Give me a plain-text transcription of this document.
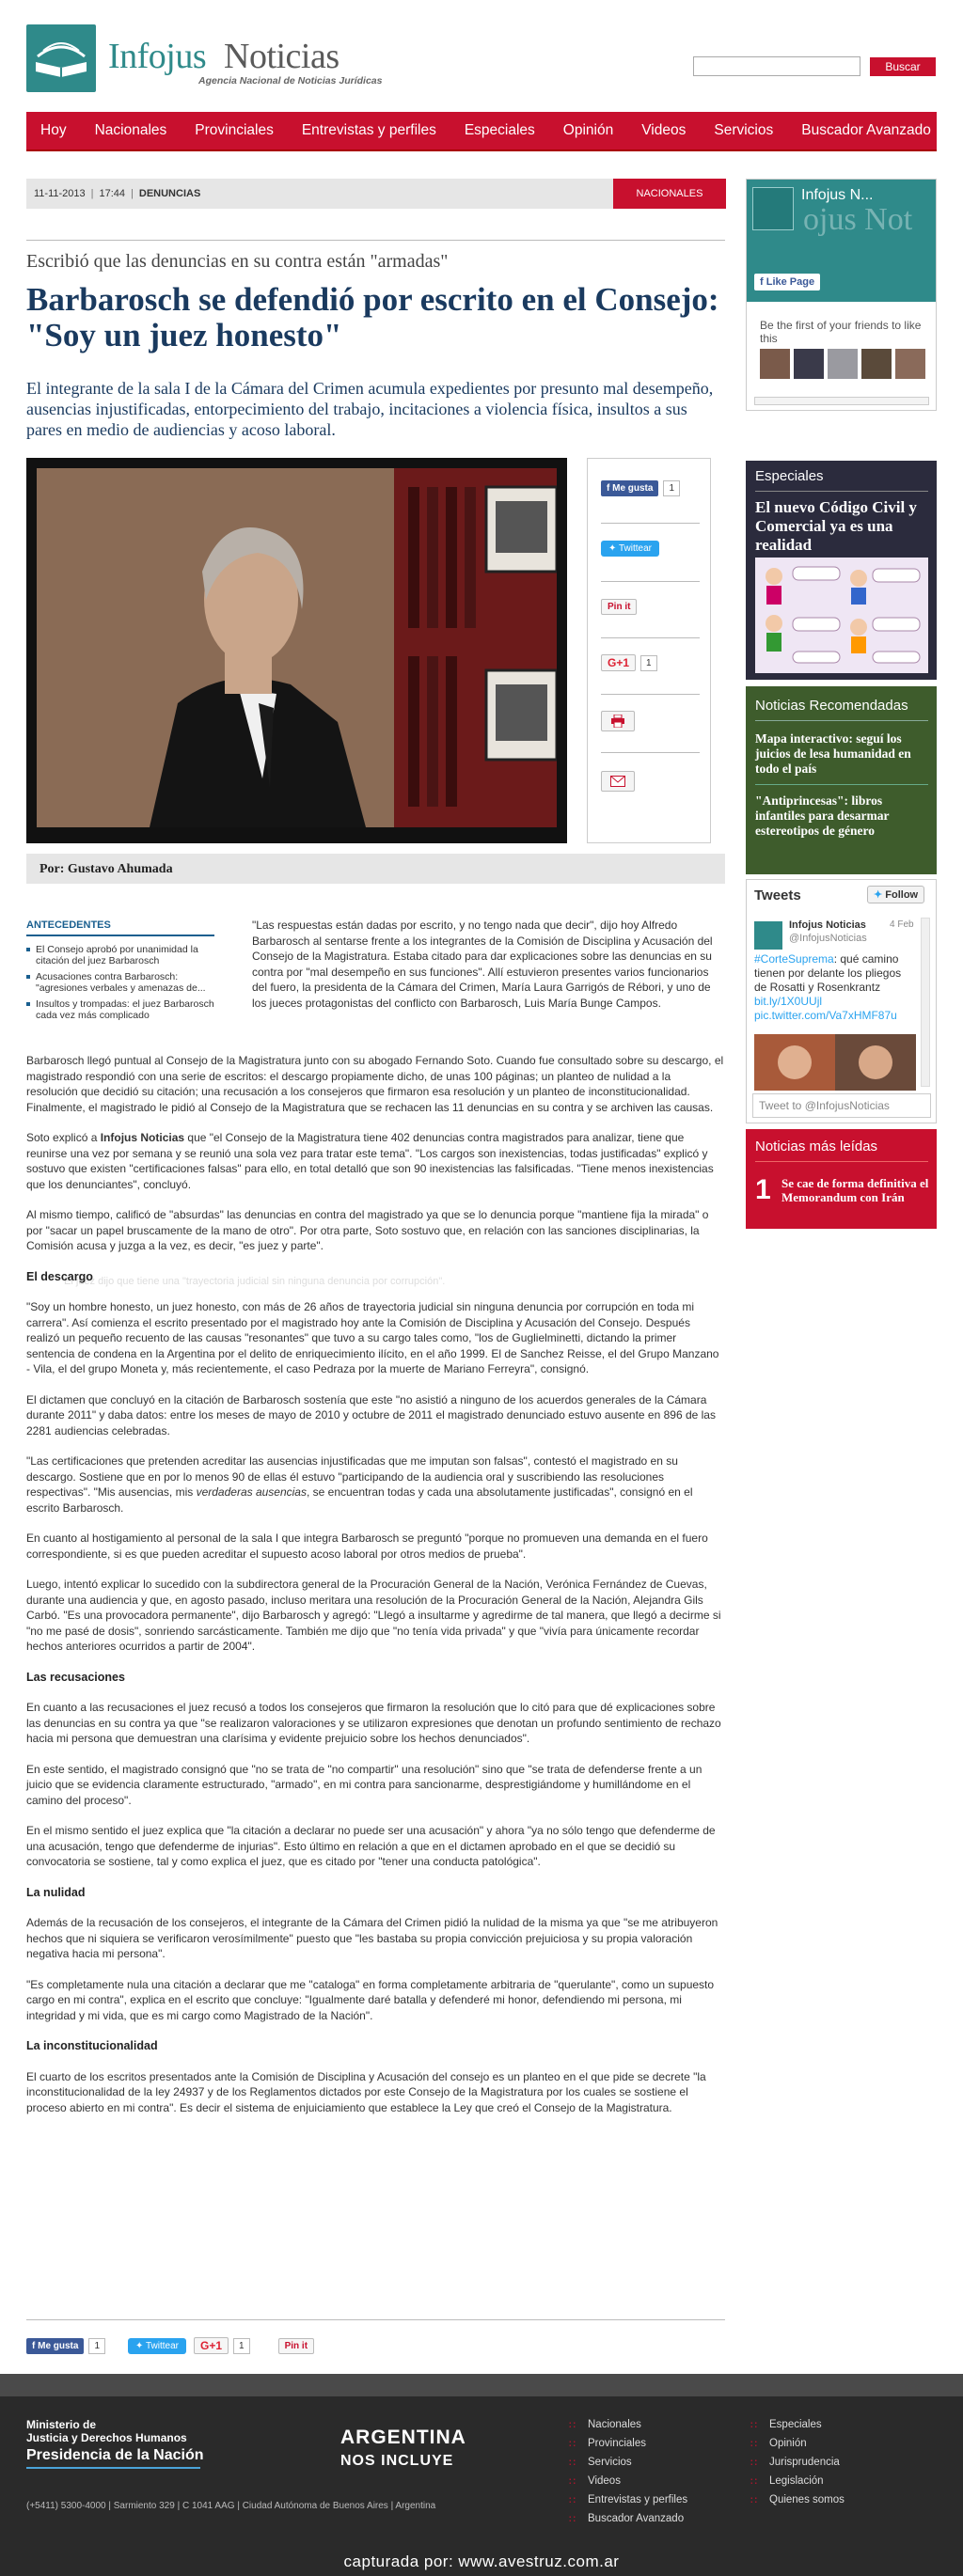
Infojus Noticias
Agencia Nacional de Noticias Jurídicas
Buscar
Hoy	Nacionales	Provinciales	Entrevistas y perfiles	Especiales	Opinión	Videos	Servicios	Buscador Avanzado
11-11-2013 | 17:44 | DENUNCIAS	NACIONALES
Escribió que las denuncias en su contra están "armadas"
Barbarosch se defendió por escrito en el Consejo: "Soy un juez honesto"
El integrante de la sala I de la Cámara del Crimen acumula expedientes por presunto mal desempeño, ausencias injustificadas, entorpecimiento del trabajo, incitaciones a violencia física, insultos a sus pares en medio de audiencias y acoso laboral.
El juez dijo que tiene una "trayectoria judicial sin ninguna denuncia por corrupción".
f Me gusta	1
✦ Twittear
Pin it
G+1	1
Por: Gustavo Ahumada
ANTECEDENTES
El Consejo aprobó por unanimidad la citación del juez Barbarosch
Acusaciones contra Barbarosch: "agresiones verbales y amenazas de...
Insultos y trompadas: el juez Barbarosch cada vez más complicado
"Las respuestas están dadas por escrito, y no tengo nada que decir", dijo hoy Alfredo Barbarosch al sentarse frente a los integrantes de la Comisión de Disciplina y Acusación del Consejo de la Magistratura. Estaba citado para dar explicaciones sobre las denuncias en su contra por "mal desempeño en sus funciones". Allí estuvieron presentes varios funcionarios del fuero, la presidenta de la Cámara del Crimen, María Laura Garrigós de Rébori, y uno de los jueces protagonistas del conflicto con Barbarosch, Luis María Bunge Campos.

Barbarosch llegó puntual al Consejo de la Magistratura junto con su abogado Fernando Soto. Cuando fue consultado sobre su descargo, el magistrado respondió con una serie de escritos: el descargo propiamente dicho, de unas 100 páginas; un planteo de nulidad a la resolución que decidió su citación; una recusación a los consejeros que firmaron esa resolución y un planteo de inconstitucionalidad. Finalmente, el magistrado le pidió al Consejo de la Magistratura que se rechacen las 11 denuncias en su contra y se archiven las causas.

Soto explicó a Infojus Noticias que "el Consejo de la Magistratura tiene 402 denuncias contra magistrados para analizar, tiene que reunirse una vez por semana y se reunió una sola vez para tratar este tema". "Los cargos son inexistencias, todas justificadas" explicó y sostuvo que existen "certificaciones falsas" para ello, en total detalló que son 90 inexistencias las falsificadas. "Tiene menos inexistencias que los denunciantes", concluyó.

Al mismo tiempo, calificó de "absurdas" las denuncias en contra del magistrado ya que se lo denuncia porque "mantiene fija la mirada" o por "sacar un papel bruscamente de la mano de otro". Por otra parte, Soto sostuvo que, en relación con las sanciones disciplinarias, la Comisión acusa y juzga a la vez, es decir, "es juez y parte".

El descargo

"Soy un hombre honesto, un juez honesto, con más de 26 años de trayectoria judicial sin ninguna denuncia por corrupción en toda mi carrera". Así comienza el escrito presentado por el magistrado hoy ante la Comisión de Disciplina y Acusación del Consejo. Después realizó un pequeño recuento de las causas "resonantes" que tuvo a su cargo tales como, "los de Guglielminetti, dictando la primer sentencia de condena en la Argentina por el delito de enriquecimiento ilícito, en el año 1999. El de Sanchez Reisse, el del Grupo Manzano - Vila, el del grupo Moneta y, más recientemente, el caso Pedraza por la muerte de Mariano Ferreyra", consignó.

El dictamen que concluyó en la citación de Barbarosch sostenía que este "no asistió a ninguno de los acuerdos generales de la Cámara durante 2011" y daba datos: entre los meses de mayo de 2010 y octubre de 2011 el magistrado denunciado estuvo ausente en 896 de las 2281 audiencias celebradas.

"Las certificaciones que pretenden acreditar las ausencias injustificadas que me imputan son falsas", contestó el magistrado en su descargo. Sostiene que en por lo menos 90 de ellas él estuvo "participando de la audiencia oral y suscribiendo las resoluciones respectivas". "Mis ausencias, mis verdaderas ausencias, se encuentran todas y cada una absolutamente justificadas", consignó en el escrito Barbarosch.

En cuanto al hostigamiento al personal de la sala I que integra Barbarosch se preguntó "porque no promueven una demanda en el fuero correspondiente, si es que pueden acreditar el supuesto acoso laboral por otros medios de prueba".

Luego, intentó explicar lo sucedido con la subdirectora general de la Procuración General de la Nación, Verónica Fernández de Cuevas, durante una audiencia y que, en agosto pasado, incluso meritara una resolución de la Procuración General de la Nación, Alejandra Gils Carbó. "Es una provocadora permanente", dijo Barbarosch y agregó: "Llegó a insultarme y agredirme de tal manera, que llegó a decirme si "no me pasé de dosis", sonriendo sarcásticamente. También me dijo que "no tenía vida privada" y que "vivía para únicamente recordar hechos anteriores ocurridos a partir de 2004".

Las recusaciones

En cuanto a las recusaciones el juez recusó a todos los consejeros que firmaron la resolución que lo citó para que dé explicaciones sobre las denuncias en su contra ya que "se realizaron valoraciones y se utilizaron expresiones que denotan un profundo sentimiento de rechazo hacia mi persona que demuestran una clarísima y evidente prejuicio sobre los hechos denunciados".

En este sentido, el magistrado consignó que "no se trata de "no compartir" una resolución" sino que "se trata de defenderse frente a un juicio que se evidencia claramente estructurado, "armado", en mi contra para sancionarme, desprestigiándome y humillándome en el camino del proceso".

En el mismo sentido el juez explica que "la citación a declarar no puede ser una acusación" y ahora "ya no sólo tengo que defenderme de una acusación, tengo que defenderme de injurias". Esto último en relación a que en el dictamen aprobado en el que se decidió su convocatoria se sostiene, tal y como explica el juez, que es citado por "tener una conducta patológica".

La nulidad

Además de la recusación de los consejeros, el integrante de la Cámara del Crimen pidió la nulidad de la misma ya que "se me atribuyeron hechos que ni siquiera se verificaron verosímilmente" puesto que "les bastaba su propia convicción prejuiciosa y su propia valoración negativa hacia mi persona".

"Es completamente nula una citación a declarar que me "cataloga" en forma completamente arbitraria de "querulante", como un supuesto cargo en mi contra", explica en el escrito que concluye: "Igualmente daré batalla y defenderé mi honor, defendiendo mi persona, mi integridad y mi vida, que es mi cargo como Magistrado de la Nación".

La inconstitucionalidad

El cuarto de los escritos presentados ante la Comisión de Disciplina y Acusación del consejo es un planteo en el que pide se decrete "la inconstitucionalidad de la ley 24937 y de los Reglamentos dictados por este Consejo de la Magistratura por los cuales se sostiene el proceso abierto en mi contra". Es decir el sistema de enjuiciamiento que establece la Ley que creó el Consejo de la Magistratura.

f Me gusta	1	✦ Twittear	G+1	1	Pin it
ojus Not
Infojus N...
f Like Page
Be the first of your friends to like this
Especiales
El nuevo Código Civil y Comercial ya es una realidad
Noticias Recomendadas
Mapa interactivo: seguí los juicios de lesa humanidad en todo el país
"Antiprincesas": libros infantiles para desarmar estereotipos de género
Tweets	✦ Follow
Infojus Noticias
@InfojusNoticias
4 Feb
#CorteSuprema: qué camino tienen por delante los pliegos de Rosatti y Rosenkrantz bit.ly/1X0UUjl pic.twitter.com/Va7xHMF87u
Tweet to @InfojusNoticias
Noticias más leídas
1 Se cae de forma definitiva el Memorandum con Irán
Ministerio de
Justicia y Derechos Humanos
Presidencia de la Nación
ARGENTINA
NOS INCLUYE
(+5411) 5300-4000 | Sarmiento 329 | C 1041 AAG | Ciudad Autónoma de Buenos Aires | Argentina
∷ Nacionales
∷ Provinciales
∷ Servicios
∷ Videos
∷ Entrevistas y perfiles
∷ Buscador Avanzado
∷ Especiales
∷ Opinión
∷ Jurisprudencia
∷ Legislación
∷ Quienes somos
capturada por: www.avestruz.com.ar
